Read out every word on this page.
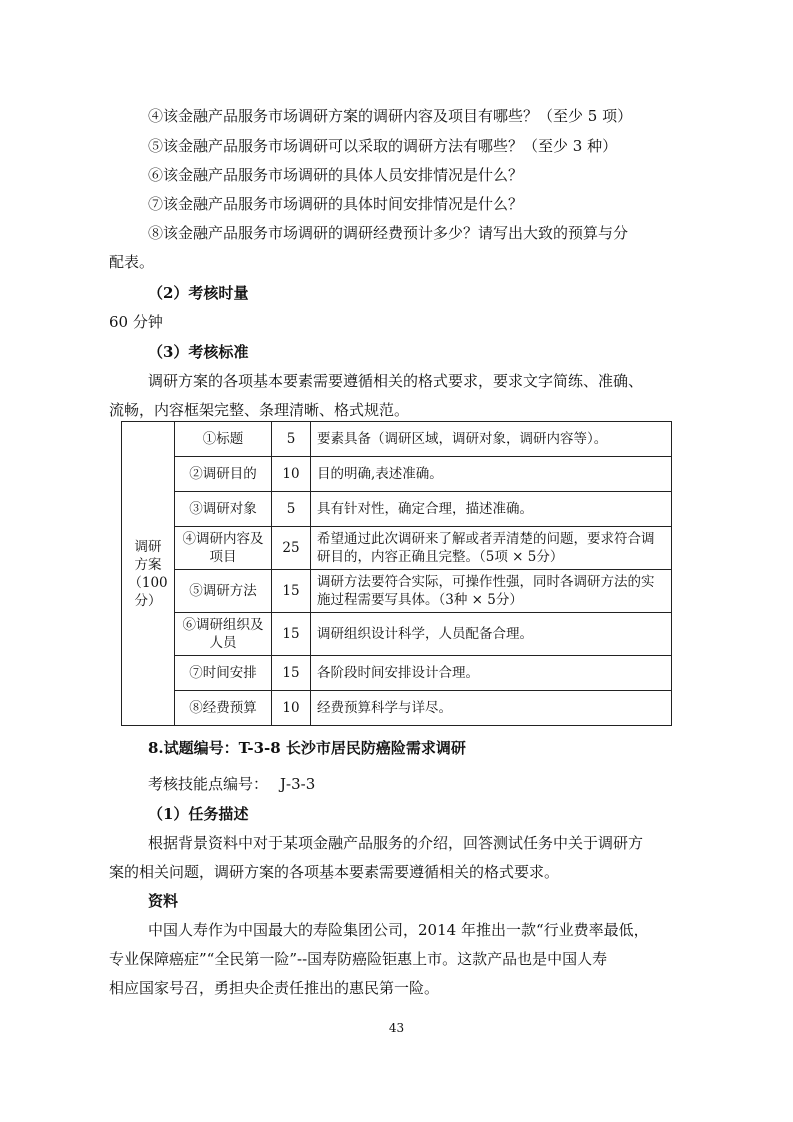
④该金融产品服务市场调研方案的调研内容及项目有哪些？（至少 5 项）
⑤该金融产品服务市场调研可以采取的调研方法有哪些？（至少 3 种）
⑥该金融产品服务市场调研的具体人员安排情况是什么？
⑦该金融产品服务市场调研的具体时间安排情况是什么？
⑧该金融产品服务市场调研的调研经费预计多少？请写出大致的预算与分
配表。
（2）考核时量
60 分钟
（3）考核标准
调研方案的各项基本要素需要遵循相关的格式要求，要求文字简练、准确、
流畅，内容框架完整、条理清晰、格式规范。
调研方案（100分）	①标题	5	要素具备（调研区域，调研对象，调研内容等）。
	②调研目的	10	目的明确,表述准确。
	③调研对象	5	具有针对性，确定合理，描述准确。
	④调研内容及项目	25	希望通过此次调研来了解或者弄清楚的问题，要求符合调研目的，内容正确且完整。（5项 × 5分）
	⑤调研方法	15	调研方法要符合实际，可操作性强，同时各调研方法的实施过程需要写具体。（3种 × 5分）
	⑥调研组织及人员	15	调研组织设计科学，人员配备合理。
	⑦时间安排	15	各阶段时间安排设计合理。
	⑧经费预算	10	经费预算科学与详尽。
8.试题编号：T-3-8 长沙市居民防癌险需求调研
考核技能点编号： J-3-3
（1）任务描述
根据背景资料中对于某项金融产品服务的介绍，回答测试任务中关于调研方
案的相关问题，调研方案的各项基本要素需要遵循相关的格式要求。
资料
中国人寿作为中国最大的寿险集团公司，2014 年推出一款“行业费率最低，
专业保障癌症”“全民第一险”--国寿防癌险钜惠上市。这款产品也是中国人寿
相应国家号召，勇担央企责任推出的惠民第一险。
43
